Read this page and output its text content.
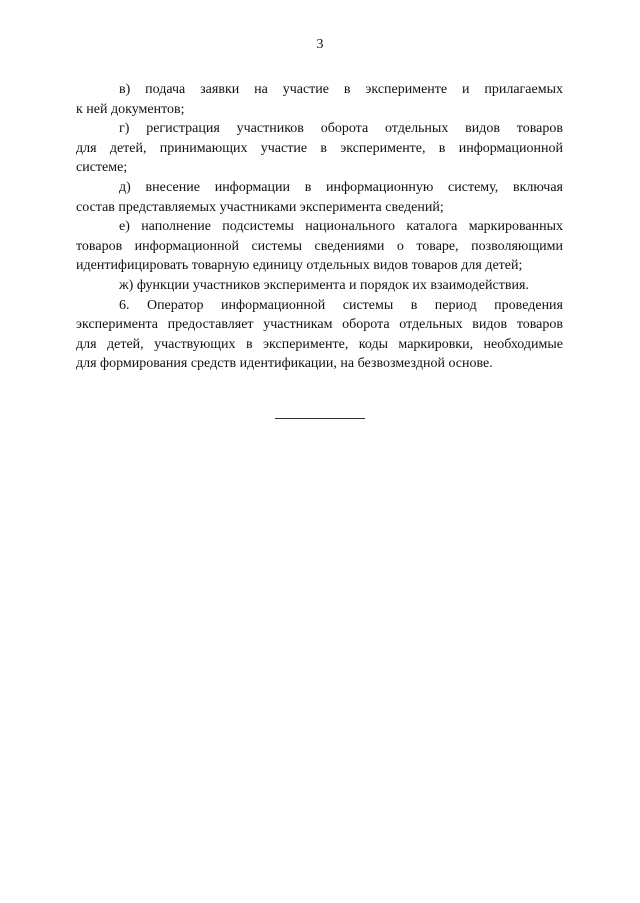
3
в) подача заявки на участие в эксперименте и прилагаемых
к ней документов;
г) регистрация участников оборота отдельных видов товаров
для детей, принимающих участие в эксперименте, в информационной
системе;
д) внесение информации в информационную систему, включая
состав представляемых участниками эксперимента сведений;
е) наполнение подсистемы национального каталога маркированных
товаров информационной системы сведениями о товаре, позволяющими
идентифицировать товарную единицу отдельных видов товаров для детей;
ж) функции участников эксперимента и порядок их взаимодействия.
6. Оператор информационной системы в период проведения
эксперимента предоставляет участникам оборота отдельных видов товаров
для детей, участвующих в эксперименте, коды маркировки, необходимые
для формирования средств идентификации, на безвозмездной основе.
